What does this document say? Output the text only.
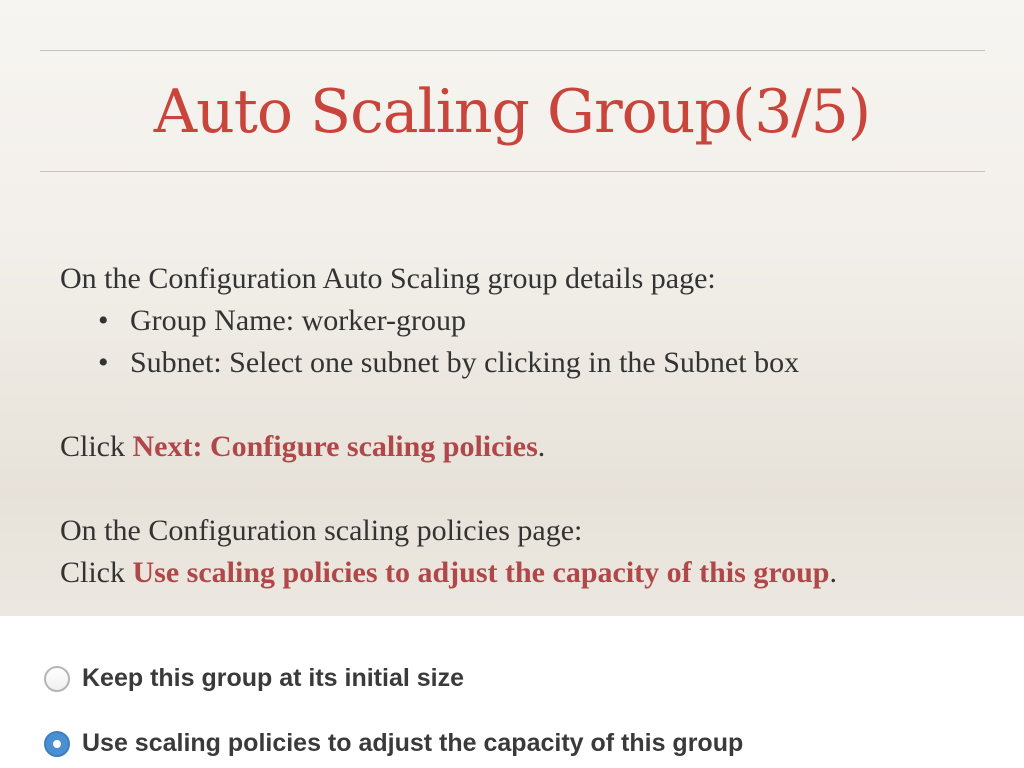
Auto Scaling Group(3/5)

On the Configuration Auto Scaling group details page:

• Group Name: worker-group
• Subnet: Select one subnet by clicking in the Subnet box

Click Next: Configure scaling policies.

On the Configuration scaling policies page:

Click Use scaling policies to adjust the capacity of this group.

Keep this group at its initial size
Use scaling policies to adjust the capacity of this group
